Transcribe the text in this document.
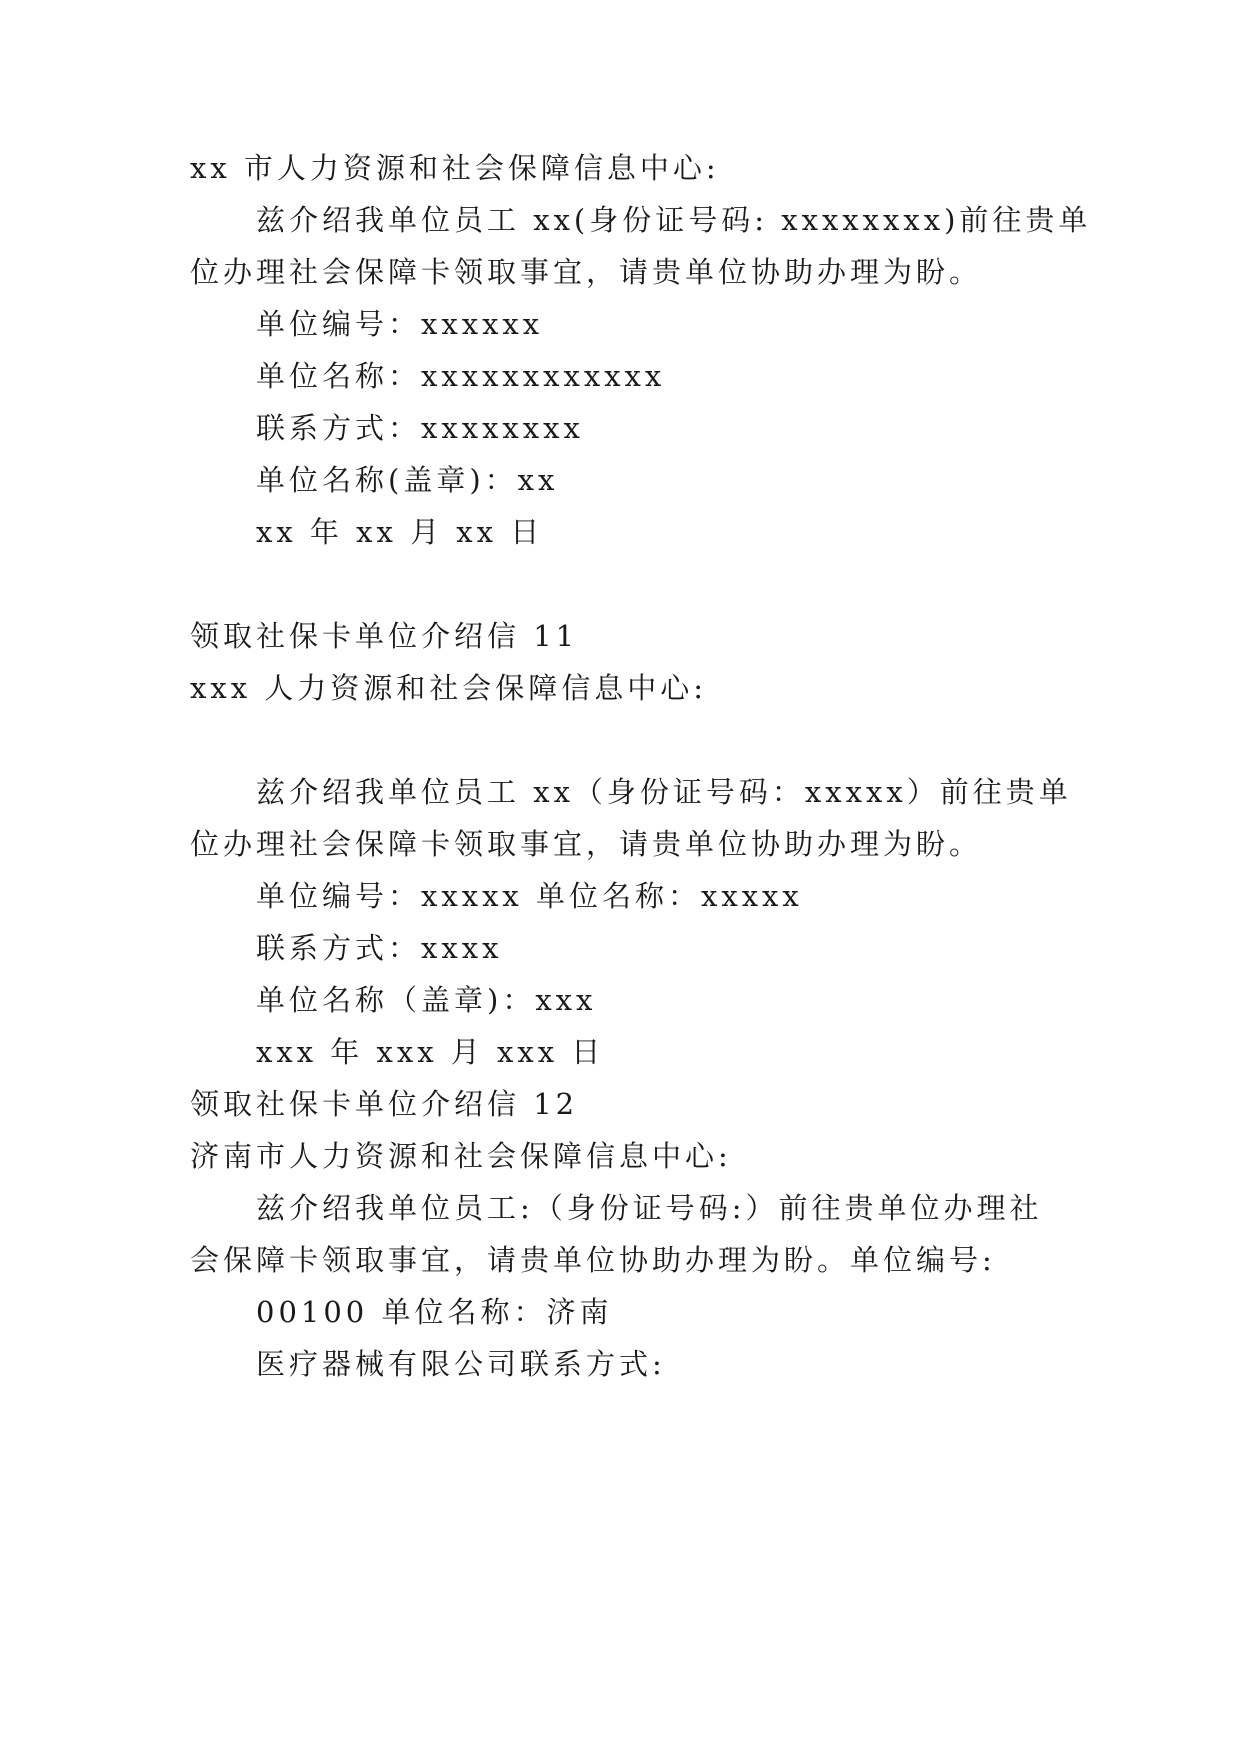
xx 市人力资源和社会保障信息中心:
兹介绍我单位员工 xx(身份证号码: xxxxxxxx)前往贵单
位办理社会保障卡领取事宜，请贵单位协助办理为盼。
单位编号：xxxxxx
单位名称：xxxxxxxxxxxx
联系方式：xxxxxxxx
单位名称(盖章)：xx
xx 年 xx 月 xx 日
领取社保卡单位介绍信 11
xxx 人力资源和社会保障信息中心:
兹介绍我单位员工 xx（身份证号码：xxxxx）前往贵单
位办理社会保障卡领取事宜，请贵单位协助办理为盼。
单位编号：xxxxx 单位名称：xxxxx
联系方式：xxxx
单位名称（盖章)：xxx
xxx 年 xxx 月 xxx 日
领取社保卡单位介绍信 12
济南市人力资源和社会保障信息中心:
兹介绍我单位员工:（身份证号码:）前往贵单位办理社
会保障卡领取事宜，请贵单位协助办理为盼。单位编号:
00100 单位名称：济南
医疗器械有限公司联系方式:
